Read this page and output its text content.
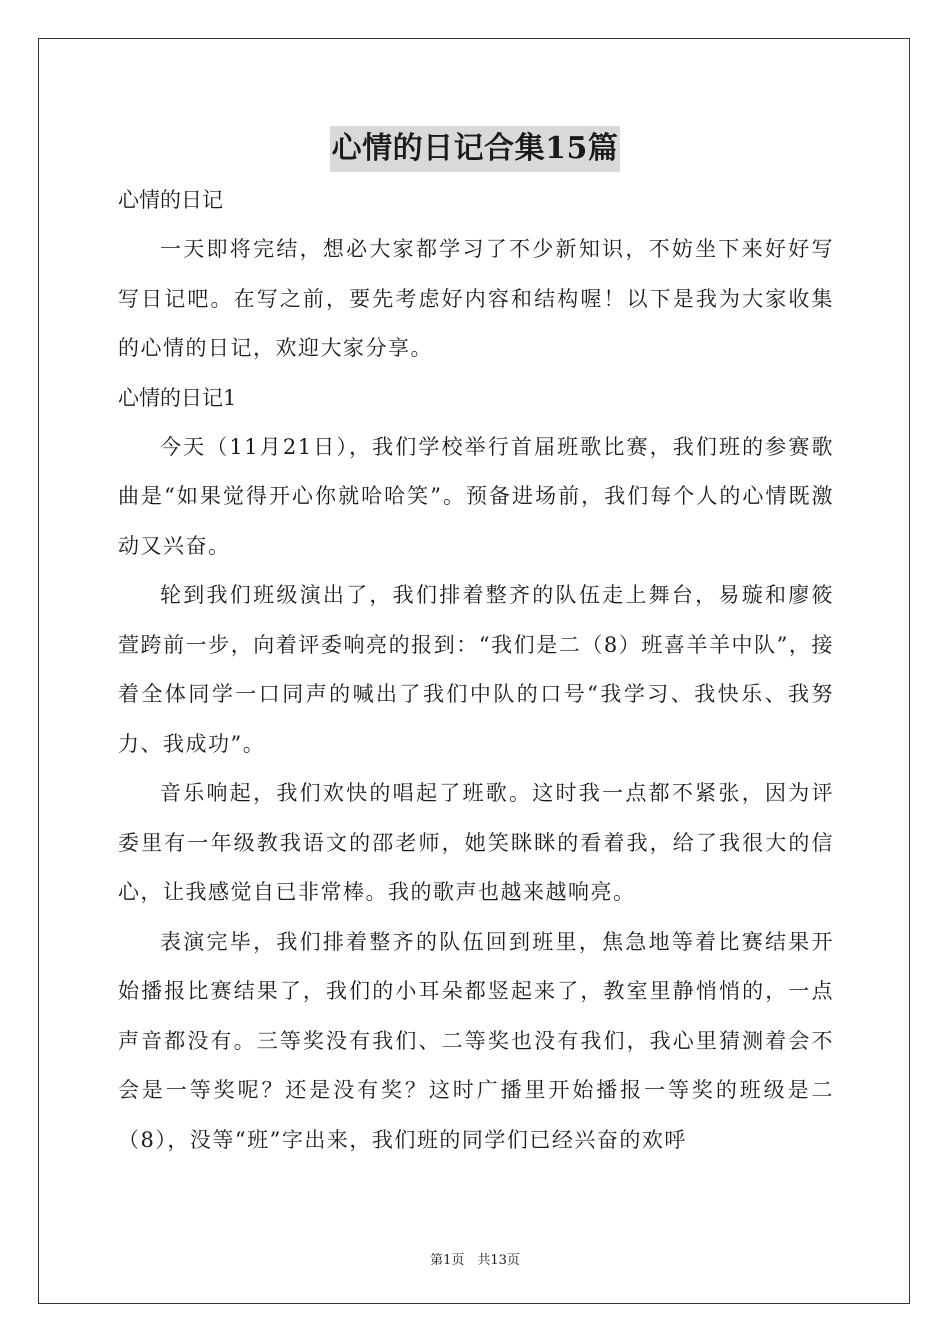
心情的日记合集15篇

心情的日记

一天即将完结，想必大家都学习了不少新知识，不妨坐下来好好写写日记吧。在写之前，要先考虑好内容和结构喔！以下是我为大家收集的心情的日记，欢迎大家分享。

心情的日记1

今天（11月21日），我们学校举行首届班歌比赛，我们班的参赛歌曲是“如果觉得开心你就哈哈笑”。预备进场前，我们每个人的心情既激动又兴奋。

轮到我们班级演出了，我们排着整齐的队伍走上舞台，易璇和廖筱萱跨前一步，向着评委响亮的报到：“我们是二（8）班喜羊羊中队”，接着全体同学一口同声的喊出了我们中队的口号“我学习、我快乐、我努力、我成功”。

音乐响起，我们欢快的唱起了班歌。这时我一点都不紧张，因为评委里有一年级教我语文的邵老师，她笑眯眯的看着我，给了我很大的信心，让我感觉自已非常棒。我的歌声也越来越响亮。

表演完毕，我们排着整齐的队伍回到班里，焦急地等着比赛结果开始播报比赛结果了，我们的小耳朵都竖起来了，教室里静悄悄的，一点声音都没有。三等奖没有我们、二等奖也没有我们，我心里猜测着会不会是一等奖呢？还是没有奖？这时广播里开始播报一等奖的班级是二（8），没等“班”字出来，我们班的同学们已经兴奋的欢呼

第1页　共13页
